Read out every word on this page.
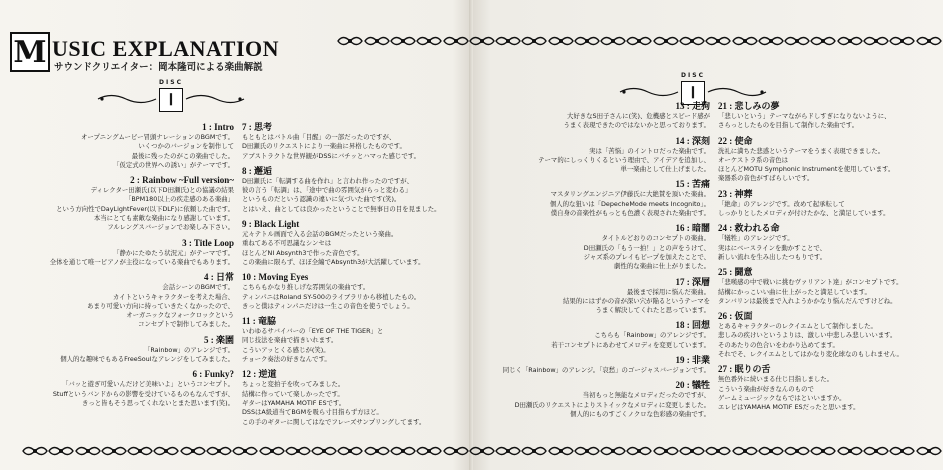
M USIC EXPLANATION
サウンドクリエイター：岡本隆司による楽曲解説
DISC
Ⅰ
DISC
Ⅰ
1 : Intro
オープニングムービー冒頭ナレーションのBGMです。
いくつかのバージョンを制作して
最後に残ったのがこの楽曲でした。
「仮定式の世界への誘い」がテーマです。
2 : Rainbow ~Full version~
ディレクター田瀬氏(以下D田瀬氏)との協議の結果
「BPM180以上の疾走感のある楽曲」
という方向性でDayLightFever(以下DLF)に依頼した曲です。
本当にとても素敵な楽曲になり感謝しています。
フルレングスバージョンでお楽しみ下さい。
3 : Title Loop
「静かにたゆたう状況元」がテーマです。
全体を通じて唯一ピアノが主役になっている楽曲でもあります。
4 : 日常
会話シーンのBGMです。
カイトというキャラクターを考えた場合、
あまり可愛い方向に持っていきたくなかったので、
オーガニックなフォークロックという
コンセプトで制作してみました。
5 : 楽園
「Rainbow」のアレンジです。
個人的な趣味でもあるFreeSoulなアレンジをしてみました。
6 : Funky?
「バッと遊ぎ可愛いんだけど美味いよ」というコンセプト。
Stuffというバンドからの影響を受けているものもなんですが、
きっと皆もそう思ってくれないとまた思います(笑)。
7 : 思考
もともとはバトル曲「目醒」の一部だったのですが、
D田瀬氏のリクエストにより一楽曲に昇格したものです。
アブストラクトな世界観がDSSにバチッとハマった感じです。
8 : 邂逅
D田瀬氏に「転調する曲を作れ」と言われ作ったのですが、
彼の言う「転調」は、「途中で曲の雰囲気がらっと変わる」
というものだという認識の違いに気づいた曲です(笑)。
とはいえ、曲としては良かったということで無事日の目を見ました。
9 : Black Light
元々テトル画面で入る会話のBGMだったという楽曲。
重ねてある不可思議なシンセは
ほとんどNI Absynth3で作った音色です。
この楽曲に限らず、ほぼ全編でAbsynth3が大活躍しています。
10 : Moving Eyes
こちらもかなり推しげな雰囲気の楽曲です。
ティンパニはRoland SY-500のライブラリから移植したもの。
きっと僕はティンパニだけは一生この音色を使うでしょう。
11 : 竜脇
いわゆるサバイバーの「EYE OF THE TIGER」と
同じ技法を楽曲で描きいれます。
こういアッとくる感じが(笑)。
チョーク奏法の好きなんです。
12 : 逆道
ちょっと変拍子を吹ってみました。
結構に作っていて楽しかったです。
ギターはYAMAHA MOTIF ESです。
DSSはA級道当てBGMを吸ら寸目指らず方ほど。
この手のギターに関してはなでフレーズサンプリングしてます。
13 : 走狗
大好きなS田子さんに(笑)、危機感とスピード感が
うまく表現できたのではないかと思っております。
14 : 深刻
実は「苦悩」のイントロだった楽曲です。
テーマ的にしっくりくるという理由で、アイデアを追加し、
単一楽曲として仕上げました。
15 : 苦痛
マスタリングエンジニア伊藤氏に大絶賛を頂いた楽曲。
個人的な狙いは「DepecheMode meets Incognito」。
僕自身の音楽性がもっとも色濃く表現された楽曲です。
16 : 暗闇
タイトルどおりのコンセプトの楽曲。
D田瀬氏の「もう一拍！」との声をうけて、
ジャズ系のプレイもピープを加えたことで、
劇性的な楽曲に仕上がりました。
17 : 深層
最後まで採用に悩んだ楽曲。
結果的にはずかの音が深い穴が陥るというテーマを
うまく解決してくれたと思っています。
18 : 回想
こちらも「Rainbow」のアレンジです。
若干コンセプトにあわせてメロディを変更しています。
19 : 非業
同じく「Rainbow」のアレンジ。「哀愁」のゴージャスバージョンです。
20 : 犠牲
当初もっと無能なメロディだったのですが、
D田瀬氏のリクエストによりストイックなメロディに変更しました。
個人的にものすごくノクロな色彩感の楽曲です。
21 : 悲しみの夢
「悲しいという」テーマながらドしすぎになりないように、
さらっとしたものを目指して制作した楽曲です。
22 : 使命
洗礼に満ちた悲惑というテーマをうまく表現できました。
オーケストラ系の音色は
ほとんどMOTU Symphonic Instrumentを使用しています。
楽器系の音色がすばらしいです。
23 : 神葬
「絶命」のアレンジです。改めて起承転して
しっかりとしたメロディが付けたかな、と満足しています。
24 : 救われる命
「犠牲」のアレンジです。
実はにベースラインを動かすことで、
新しい流れを生み出したつもりです。
25 : 闘意
「悲嘆感の中で戦いに挑むヴァリアント達」がコンセプトです。
結構にかっこいい曲に仕上がったと満足しています。
タンバリンは最後まで入れようかかなり悩んだんですけどね。
26 : 仮面
とあるキャラクターのレクイエムとして制作しました。
悲しみの疾けいというよりは、激しい中悲しみ悲しいいます。
そのあたりの色合いをわかり込めてます。
それでそ、レクイエムとしてはかなり変化球なのもしれません。
27 : 眠りの舌
無色番外に続いまる仕じ目指しました。
こういう楽曲が好きなんのもので
ゲームミュージックならではといいますか。
エレピはYAMAHA MOTIF ESだったと思います。
